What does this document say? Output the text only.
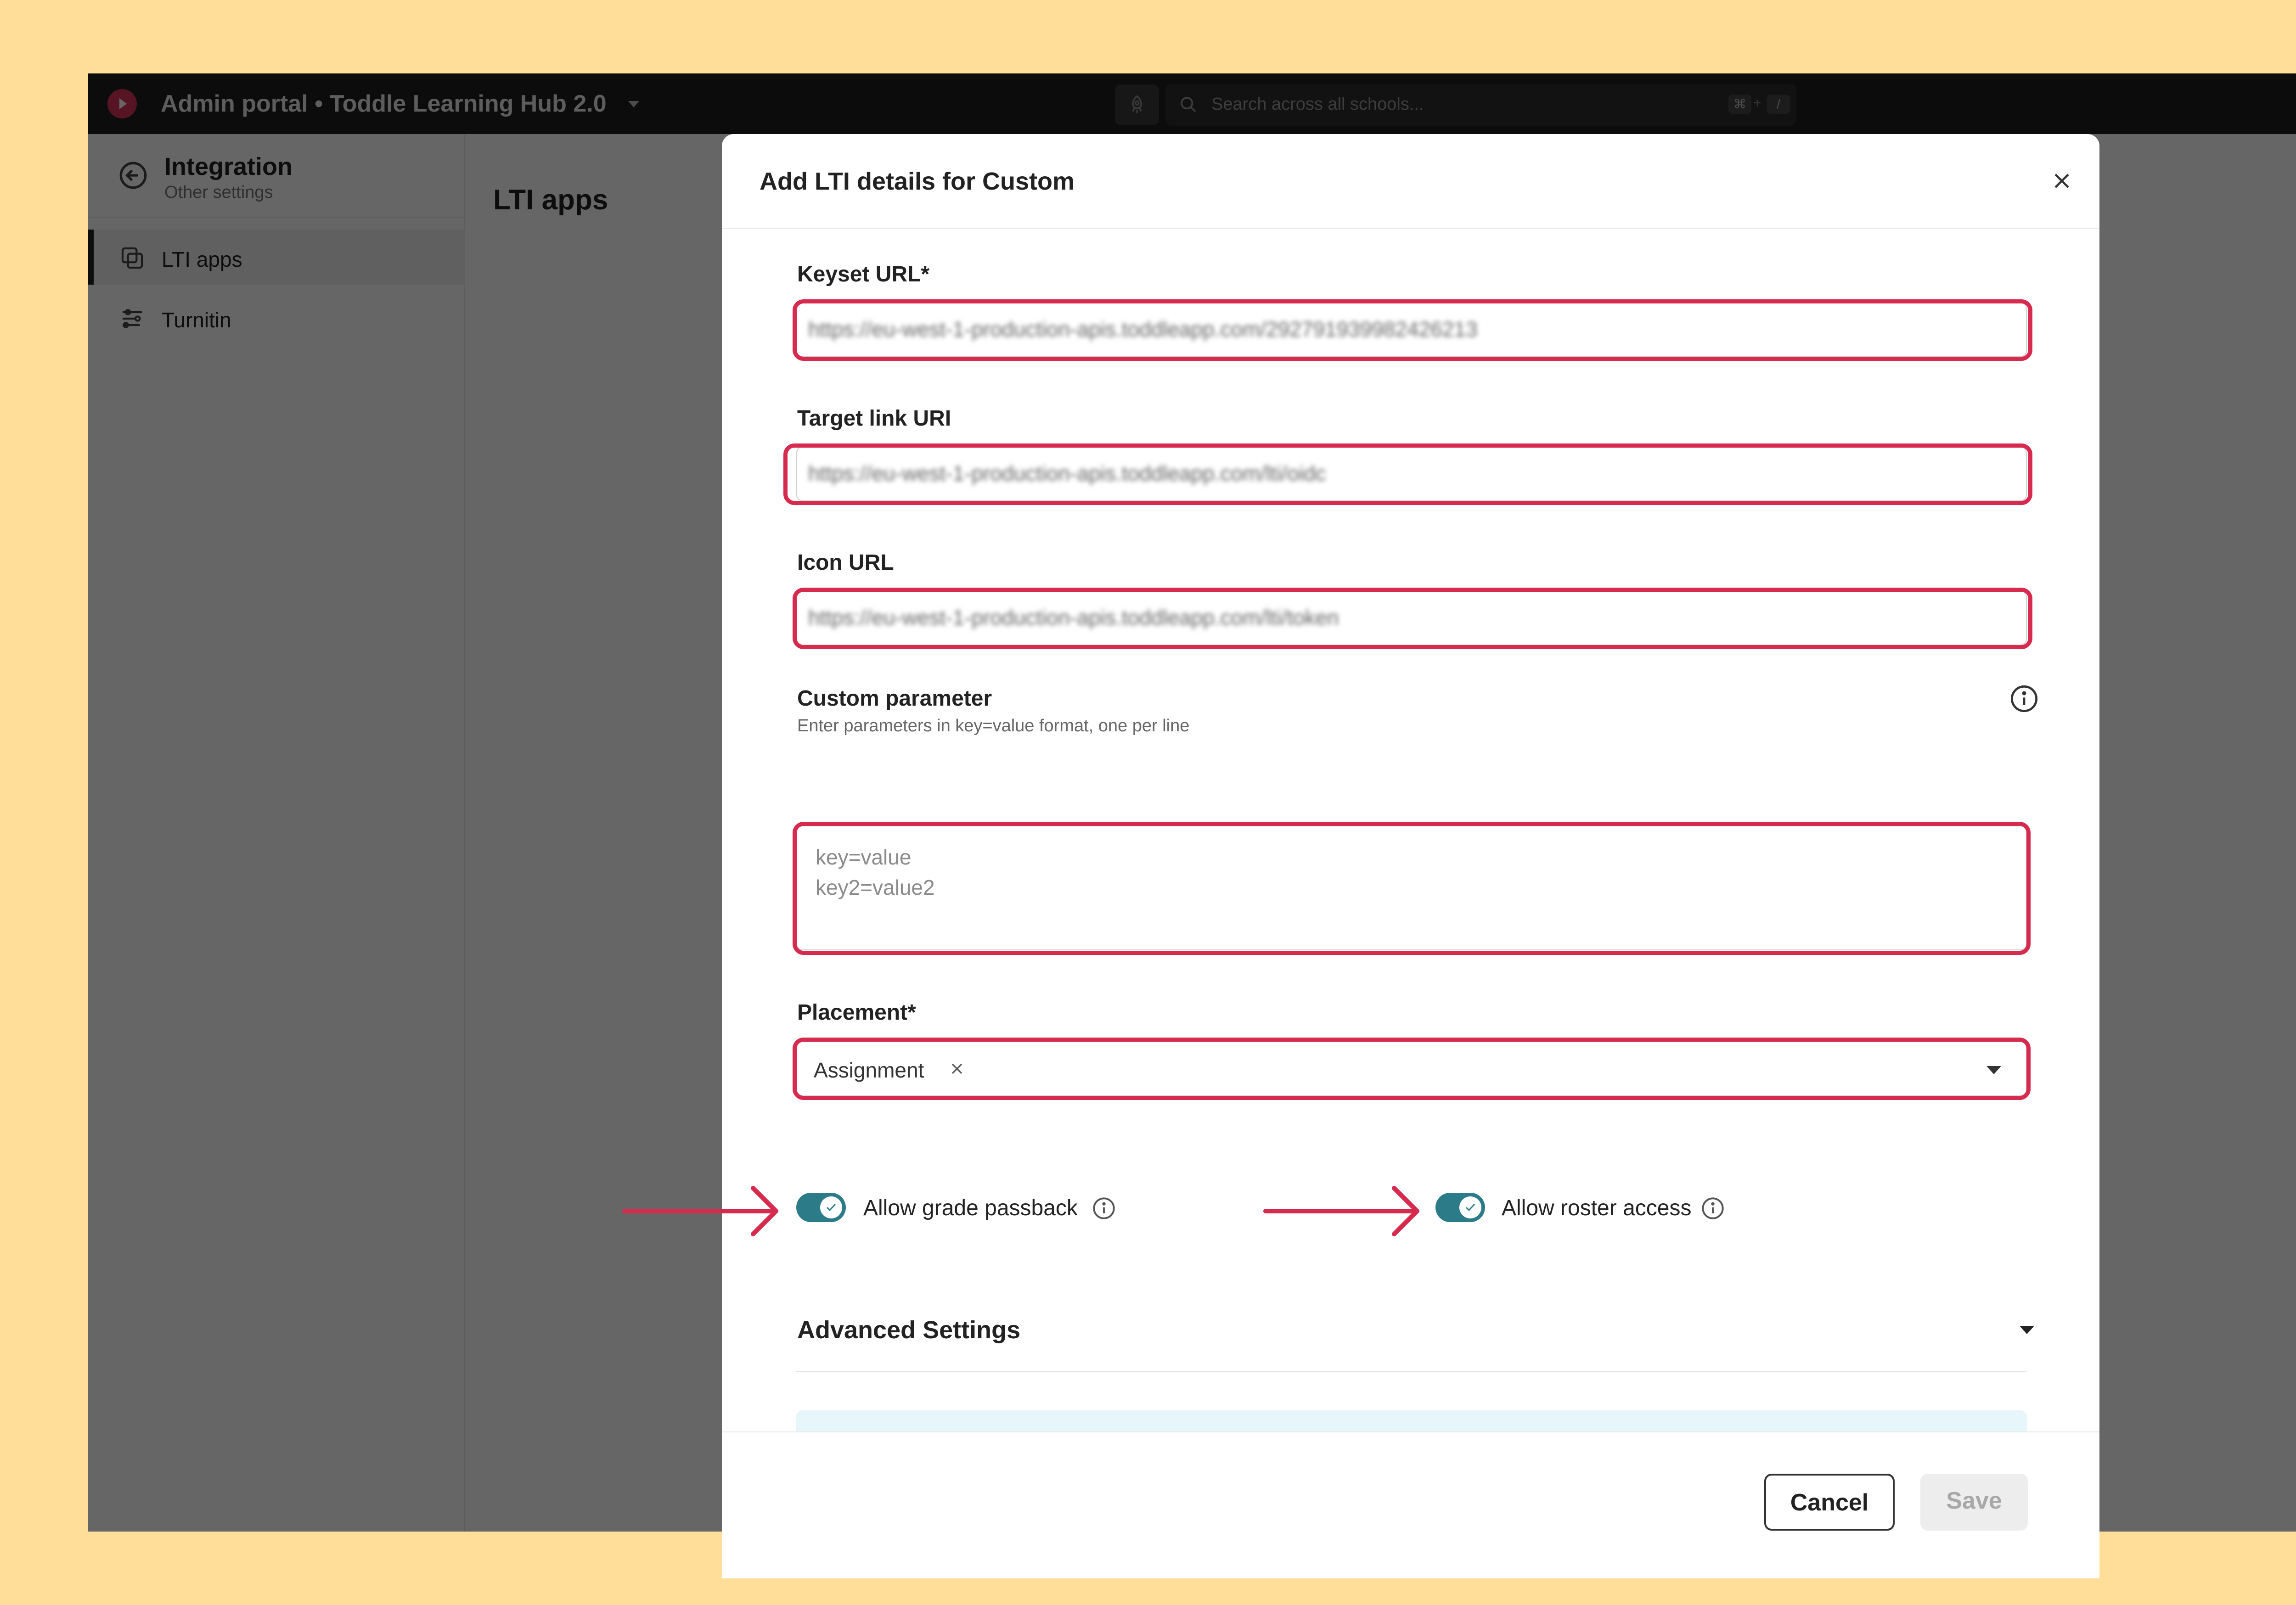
Add LTI details for Custom
Keyset URL*
https://eu-west-1-production-apis.toddleapp.com/292791939982426213
Target link URI
https://eu-west-1-production-apis.toddleapp.com/lti/oidc
Icon URL
https://eu-west-1-production-apis.toddleapp.com/lti/token
Custom parameter
Enter parameters in key=value format, one per line
key=value
key2=value2
Placement*
Assignment
Allow grade passback	Allow roster access
Advanced Settings
Cancel	Save
